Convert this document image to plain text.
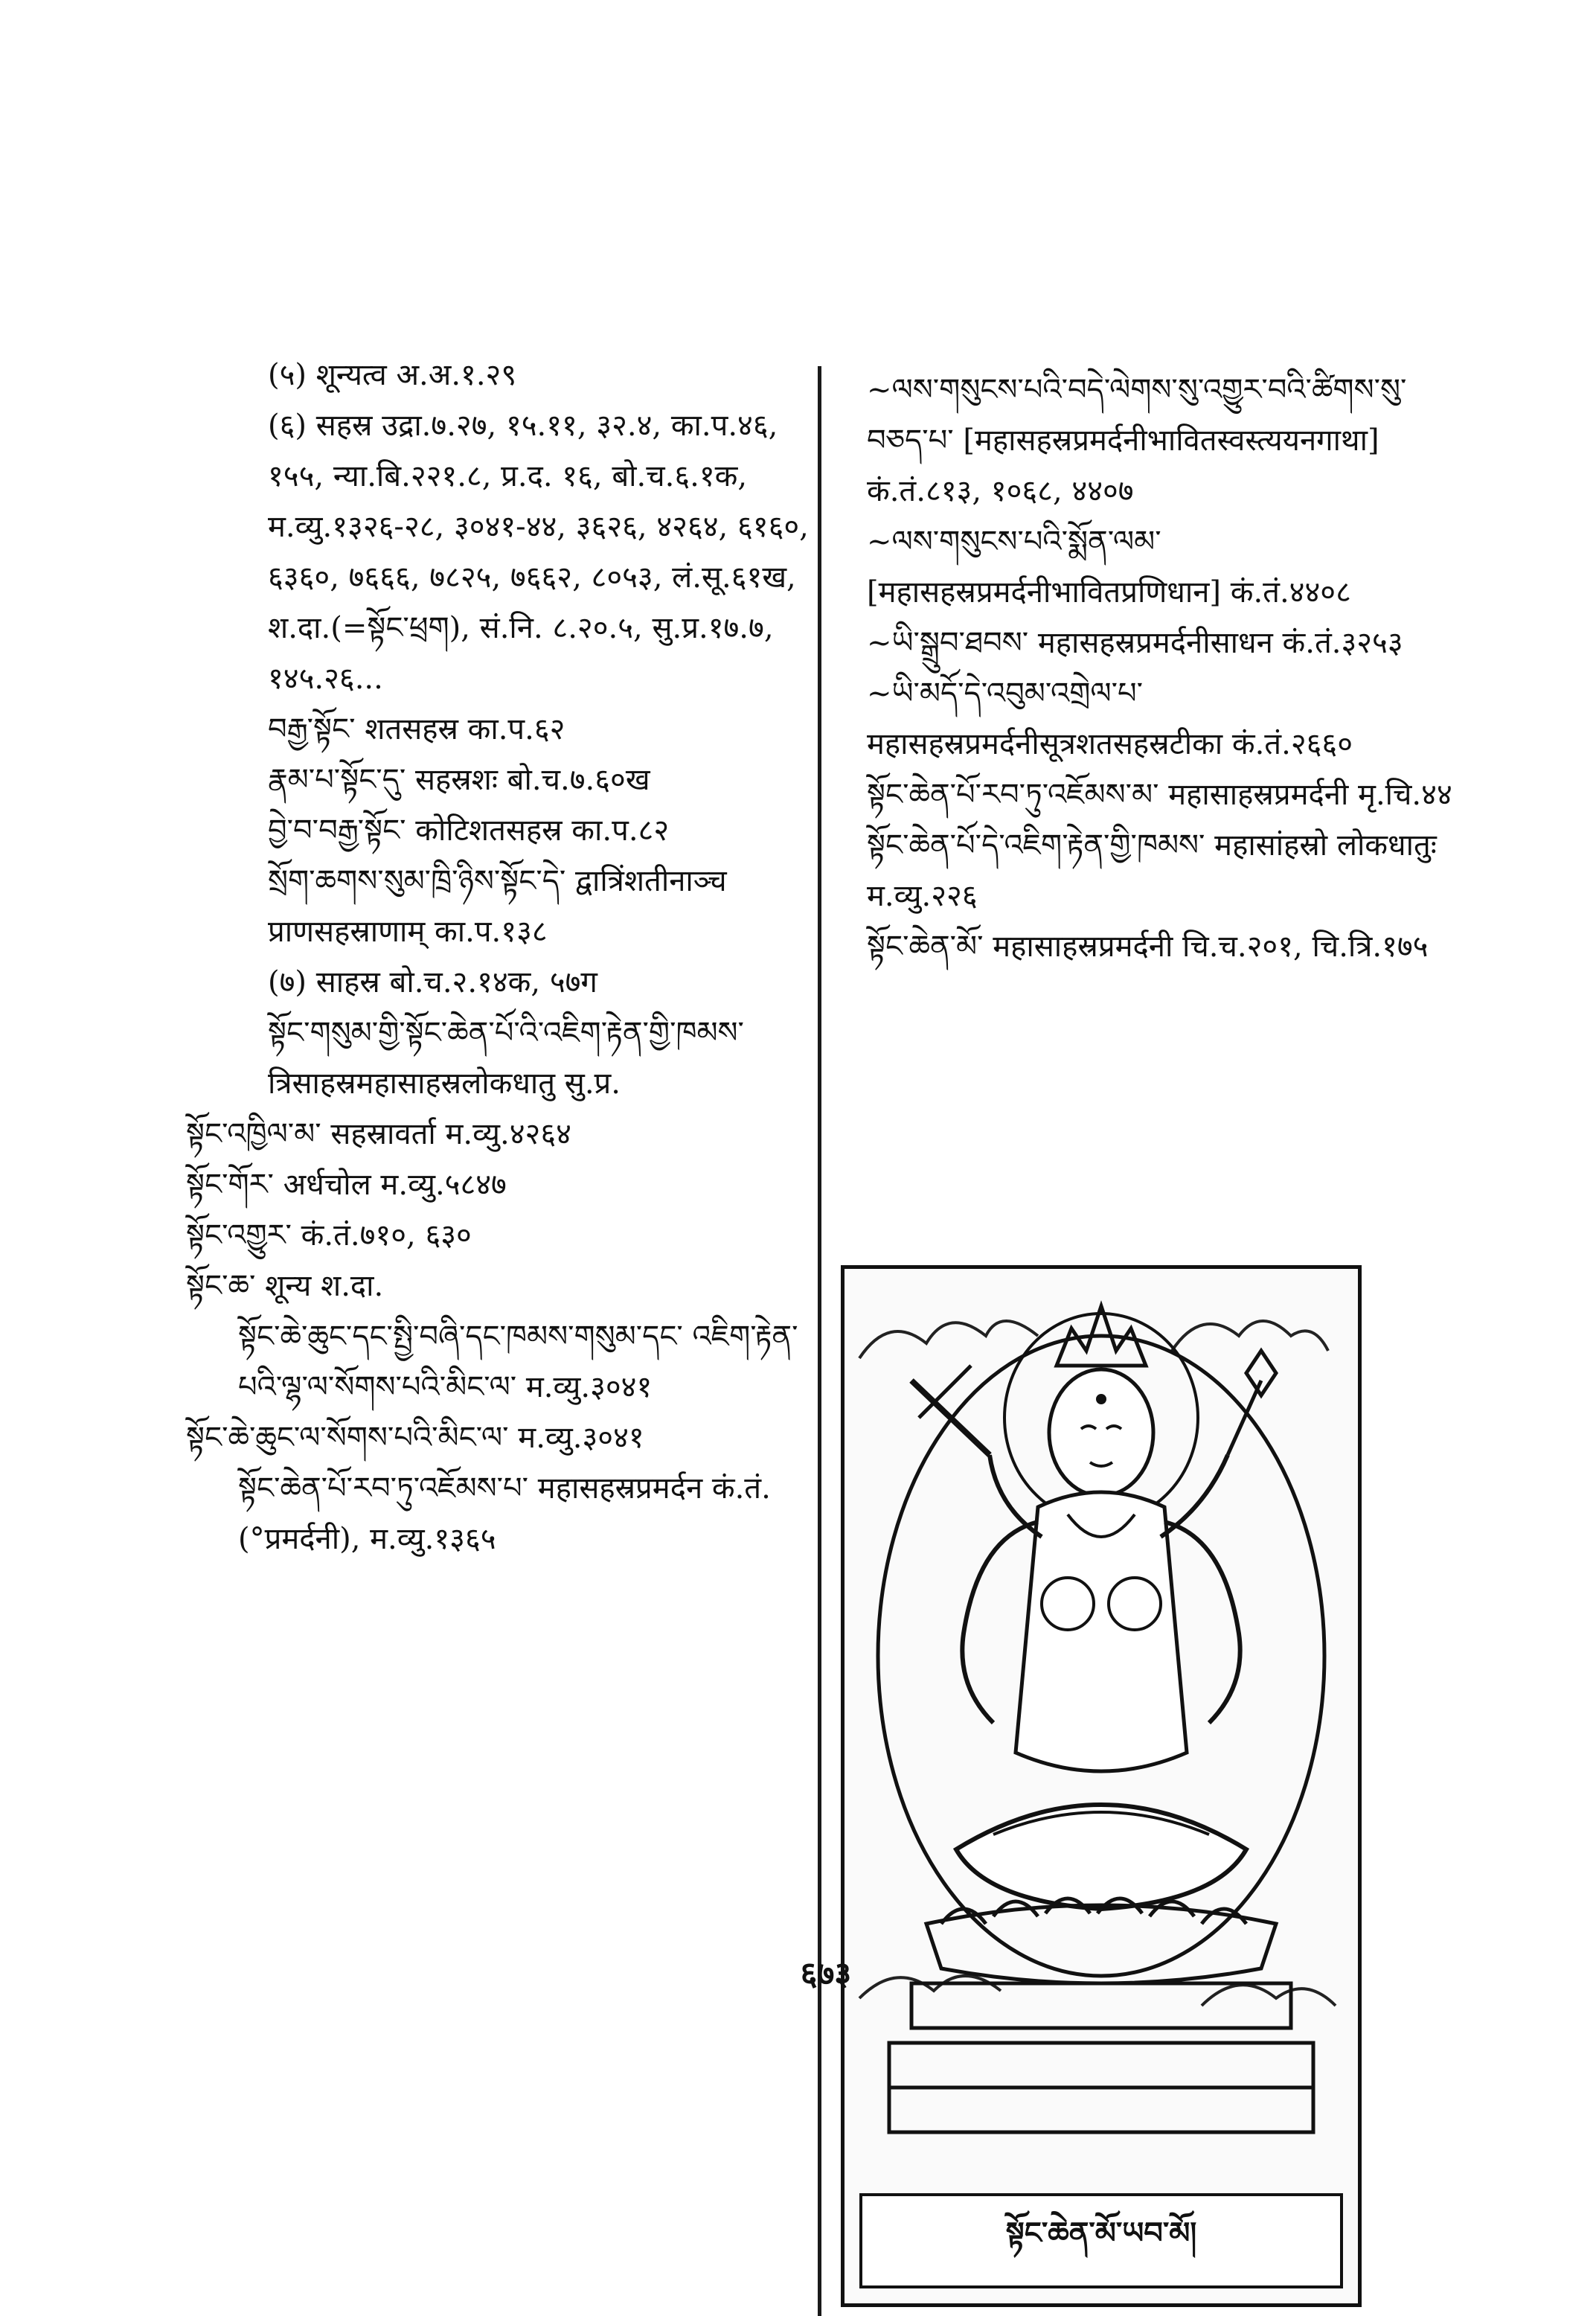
(५) शून्यत्व अ.अ.१.२९

(६) सहस्र उद्रा.७.२७, १५.११, ३२.४, का.प.४६, १५५, न्या.बि.२२१.८, प्र.द. १६, बो.च.६.१क, म.व्यु.१३२६-२८, ३०४१-४४, ३६२६, ४२६४, ६१६०, ६३६०, ७६६६, ७८२५, ७६६२, ८०५३, लं.सू.६१ख, श.दा.(=སྟོང་ཕྲག), सं.नि. ८.२०.५, सु.प्र.१७.७, १४५.२६...

བརྒྱ་སྟོང་ शतसहस्र का.प.६२

རྣམ་པ་སྟོང་དུ་ सहस्रशः बो.च.७.६०ख

བྱེ་བ་བརྒྱ་སྟོང་ कोटिशतसहस्र का.प.८२

སྲོག་ཆགས་སུམ་ཁྲི་ཉིས་སྟོང་དེ་ द्वात्रिंशतीनाञ्च प्राणसहस्राणाम् का.प.१३८

(७) साहस्र बो.च.२.१४क, ५७ग

སྟོང་གསུམ་གྱི་སྟོང་ཆེན་པོ་འི་འཇིག་རྟེན་གྱི་ཁམས་ त्रिसाहस्रमहासाहस्रलोकधातु सु.प्र.

སྟོང་འཁྱིལ་མ་ सहस्रावर्ता म.व्यु.४२६४

སྟོང་གོར་ अर्धचोल म.व्यु.५८४७

སྟོང་འགྱུར་ कं.तं.७१०, ६३०

སྟོང་ཆ་ शून्य श.दा.

སྟོང་ཆེ་ཆུང་དང་སྤྱི་བཞི་དང་ཁམས་གསུམ་དང་ འཇིག་རྟེན་པའི་ལྷ་ལ་སོགས་པའི་མིང་ལ་ म.व्यु.३०४१

སྟོང་ཆེ་ཆུང་ལ་སོགས་པའི་མིང་ལ་ म.व्यु.३०४१

སྟོང་ཆེན་པོ་རབ་ཏུ་འཇོམས་པ་ महासहस्रप्रमर्दन कं.तं.(°प्रमर्दनी), म.व्यु.१३६५

~ལས་གསུངས་པའི་བདེ་ལེགས་སུ་འགྱུར་བའི་ཚིགས་སུ་བཅད་པ་ [महासहस्रप्रमर्दनीभावितस्वस्त्ययनगाथा] कं.तं.८१३, १०६८, ४४०७

~ལས་གསུངས་པའི་སྨོན་ལམ་ [महासहस्रप्रमर्दनीभावितप्रणिधान] कं.तं.४४०८

~ཡི་སྒྲུབ་ཐབས་ महासहस्रप्रमर्दनीसाधन कं.तं.३२५३

~ཡི་མདོ་དེ་འབུམ་འགྲེལ་པ་ महासहस्रप्रमर्दनीसूत्रशतसहस्रटीका कं.तं.२६६०

སྟོང་ཆེན་པོ་རབ་ཏུ་འཇོམས་མ་ महासाहस्रप्रमर्दनी मृ.चि.४४

སྟོང་ཆེན་པོ་དེ་འཇིག་རྟེན་གྱི་ཁམས་ महासांहस्रो लोकधातुः म.व्यु.२२६

སྟོང་ཆེན་མོ་ महासाहस्रप्रमर्दनी चि.च.२०१, चि.त्रि.१७५

སྟོང་ཆེན་མོ་ཡབ་མོ།
६७३
